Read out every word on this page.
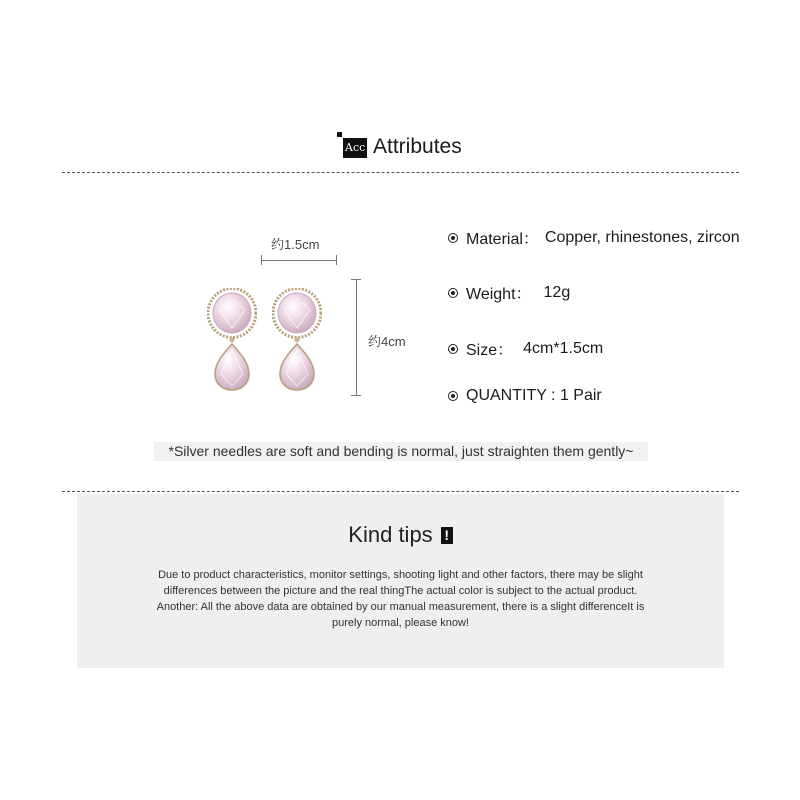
Acc Attributes
约1.5cm
约4cm
Material： Copper, rhinestones, zircon
Weight： 12g
Size： 4cm*1.5cm
QUANTITY : 1 Pair
*Silver needles are soft and bending is normal, just straighten them gently~
Kind tips !
Due to product characteristics, monitor settings, shooting light and other factors, there may be slight
differences between the picture and the real thingThe actual color is subject to the actual product.
Another: All the above data are obtained by our manual measurement, there is a slight differenceIt is
purely normal, please know!
